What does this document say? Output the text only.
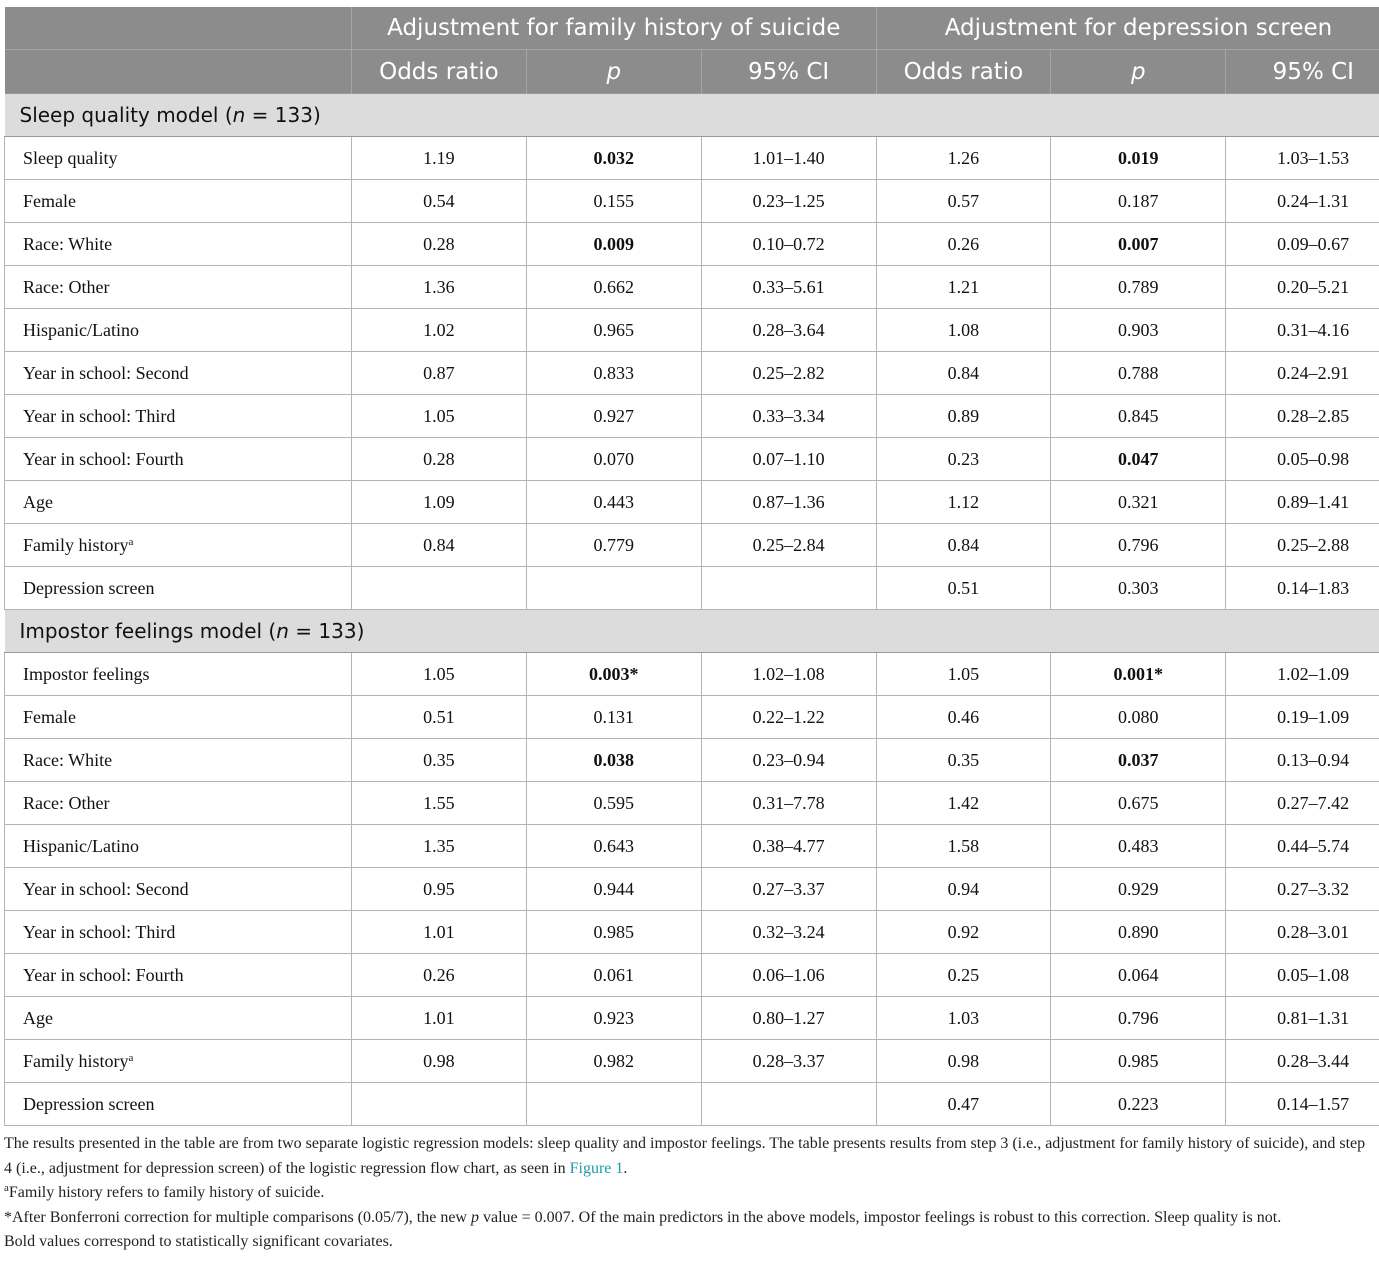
	Adjustment for family history of suicide			Adjustment for depression screen		
	Odds ratio	p	95% CI	Odds ratio	p	95% CI
Sleep quality model (n = 133)						
Sleep quality	1.19	0.032	1.01–1.40	1.26	0.019	1.03–1.53
Female	0.54	0.155	0.23–1.25	0.57	0.187	0.24–1.31
Race: White	0.28	0.009	0.10–0.72	0.26	0.007	0.09–0.67
Race: Other	1.36	0.662	0.33–5.61	1.21	0.789	0.20–5.21
Hispanic/Latino	1.02	0.965	0.28–3.64	1.08	0.903	0.31–4.16
Year in school: Second	0.87	0.833	0.25–2.82	0.84	0.788	0.24–2.91
Year in school: Third	1.05	0.927	0.33–3.34	0.89	0.845	0.28–2.85
Year in school: Fourth	0.28	0.070	0.07–1.10	0.23	0.047	0.05–0.98
Age	1.09	0.443	0.87–1.36	1.12	0.321	0.89–1.41
Family history$^a$	0.84	0.779	0.25–2.84	0.84	0.796	0.25–2.88
Depression screen				0.51	0.303	0.14–1.83
Impostor feelings model (n = 133)						
Impostor feelings	1.05	0.003*	1.02–1.08	1.05	0.001*	1.02–1.09
Female	0.51	0.131	0.22–1.22	0.46	0.080	0.19–1.09
Race: White	0.35	0.038	0.23–0.94	0.35	0.037	0.13–0.94
Race: Other	1.55	0.595	0.31–7.78	1.42	0.675	0.27–7.42
Hispanic/Latino	1.35	0.643	0.38–4.77	1.58	0.483	0.44–5.74
Year in school: Second	0.95	0.944	0.27–3.37	0.94	0.929	0.27–3.32
Year in school: Third	1.01	0.985	0.32–3.24	0.92	0.890	0.28–3.01
Year in school: Fourth	0.26	0.061	0.06–1.06	0.25	0.064	0.05–1.08
Age	1.01	0.923	0.80–1.27	1.03	0.796	0.81–1.31
Family history$^a$	0.98	0.982	0.28–3.37	0.98	0.985	0.28–3.44
Depression screen				0.47	0.223	0.14–1.57

The results presented in the table are from two separate logistic regression models: sleep quality and impostor feelings. The table presents results from step 3 (i.e., adjustment for family history of suicide), and step 4 (i.e., adjustment for depression screen) of the logistic regression flow chart, as seen in Figure 1.

$^a$Family history refers to family history of suicide.

*After Bonferroni correction for multiple comparisons (0.05/7), the new p value = 0.007. Of the main predictors in the above models, impostor feelings is robust to this correction. Sleep quality is not.

Bold values correspond to statistically significant covariates.
